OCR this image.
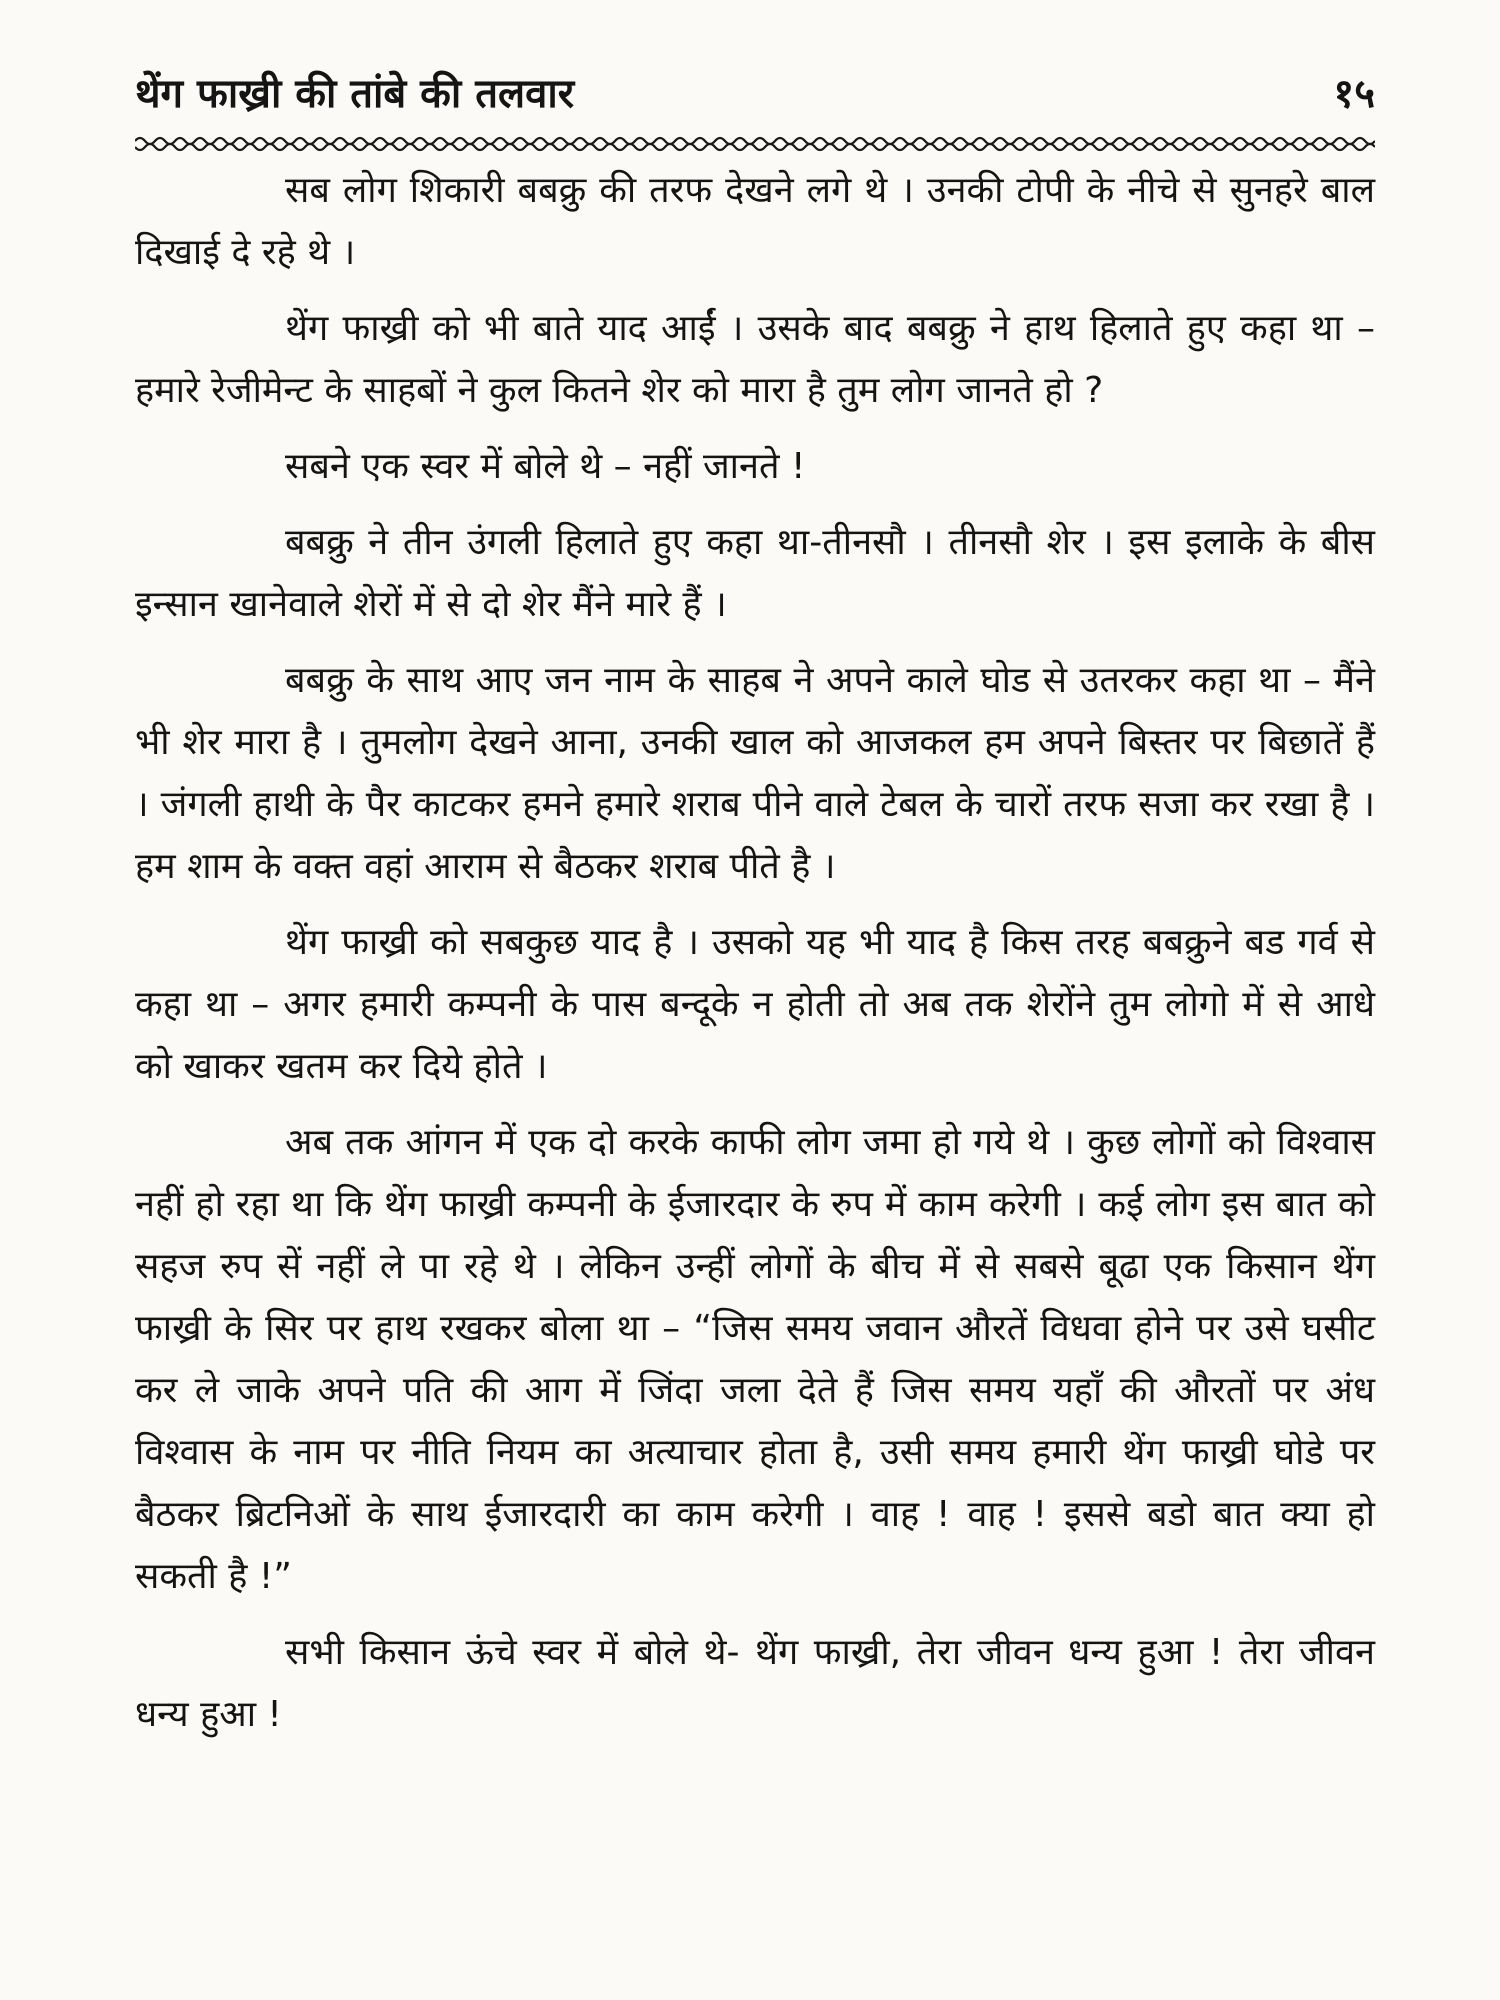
थेंग फाख्री की तांबे की तलवार	१५

सब लोग शिकारी बबक्रु की तरफ देखने लगे थे । उनकी टोपी के नीचे से सुनहरे बाल दिखाई दे रहे थे ।

थेंग फाख्री को भी बाते याद आईं । उसके बाद बबक्रु ने हाथ हिलाते हुए कहा था – हमारे रेजीमेन्ट के साहबों ने कुल कितने शेर को मारा है तुम लोग जानते हो ?

सबने एक स्वर में बोले थे – नहीं जानते !

बबक्रु ने तीन उंगली हिलाते हुए कहा था-तीनसौ । तीनसौ शेर । इस इलाके के बीस इन्सान खानेवाले शेरों में से दो शेर मैंने मारे हैं ।

बबक्रु के साथ आए जन नाम के साहब ने अपने काले घोड से उतरकर कहा था – मैंने भी शेर मारा है । तुमलोग देखने आना, उनकी खाल को आजकल हम अपने बिस्तर पर बिछातें हैं । जंगली हाथी के पैर काटकर हमने हमारे शराब पीने वाले टेबल के चारों तरफ सजा कर रखा है । हम शाम के वक्त वहां आराम से बैठकर शराब पीते है ।

थेंग फाख्री को सबकुछ याद है । उसको यह भी याद है किस तरह बबक्रुने बड गर्व से कहा था – अगर हमारी कम्पनी के पास बन्दूके न होती तो अब तक शेरोंने तुम लोगो में से आधे को खाकर खतम कर दिये होते ।

अब तक आंगन में एक दो करके काफी लोग जमा हो गये थे । कुछ लोगों को विश्वास नहीं हो रहा था कि थेंग फाख्री कम्पनी के ईजारदार के रुप में काम करेगी । कई लोग इस बात को सहज रुप सें नहीं ले पा रहे थे । लेकिन उन्हीं लोगों के बीच में से सबसे बूढा एक किसान थेंग फाख्री के सिर पर हाथ रखकर बोला था – “जिस समय जवान औरतें विधवा होने पर उसे घसीट कर ले जाके अपने पति की आग में जिंदा जला देते हैं जिस समय यहाँ की औरतों पर अंध विश्वास के नाम पर नीति नियम का अत्याचार होता है, उसी समय हमारी थेंग फाख्री घोडे पर बैठकर ब्रिटनिओं के साथ ईजारदारी का काम करेगी । वाह ! वाह ! इससे बडो बात क्या हो सकती है !”

सभी किसान ऊंचे स्वर में बोले थे- थेंग फाख्री, तेरा जीवन धन्य हुआ ! तेरा जीवन धन्य हुआ !
